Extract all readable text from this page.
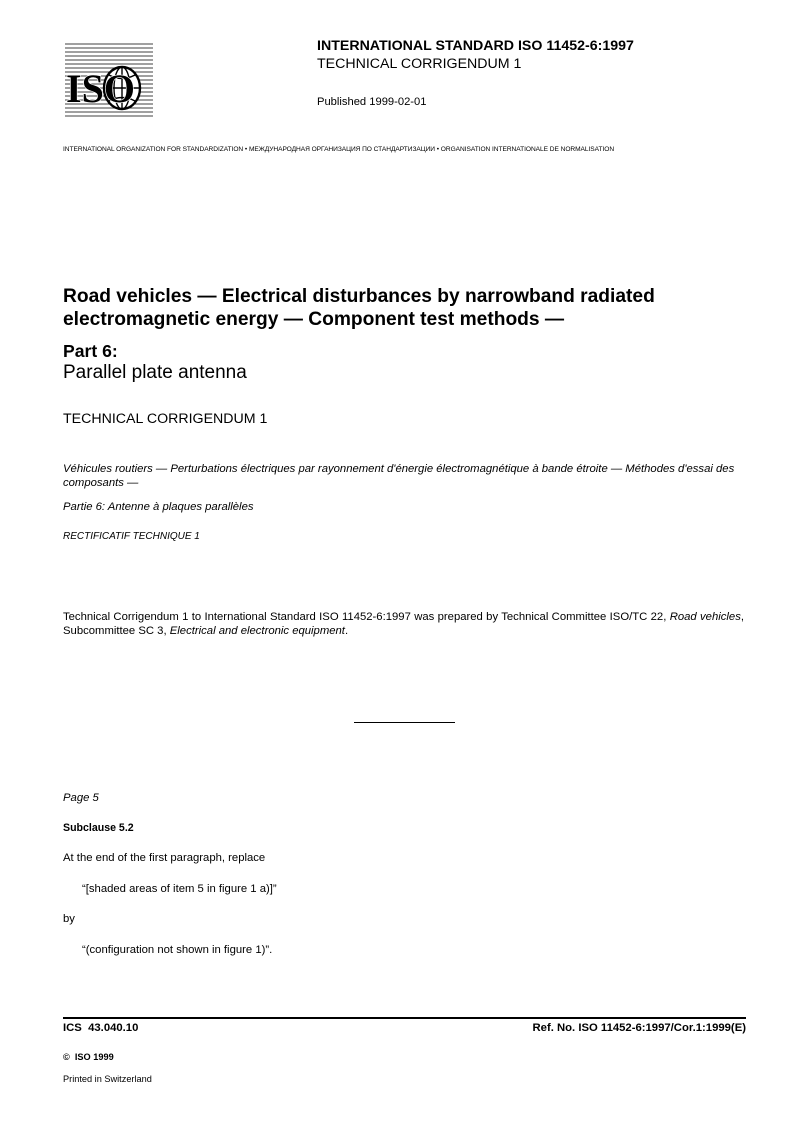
ISO
INTERNATIONAL STANDARD ISO 11452-6:1997
TECHNICAL CORRIGENDUM 1
Published 1999-02-01
INTERNATIONAL ORGANIZATION FOR STANDARDIZATION • МЕЖДУНАРОДНАЯ ОРГАНИЗАЦИЯ ПО СТАНДАРТИЗАЦИИ • ORGANISATION INTERNATIONALE DE NORMALISATION
Road vehicles — Electrical disturbances by narrowband radiated electromagnetic energy — Component test methods —
Part 6:
Parallel plate antenna
TECHNICAL CORRIGENDUM 1
Véhicules routiers — Perturbations électriques par rayonnement d'énergie électromagnétique à bande étroite — Méthodes d'essai des composants —
Partie 6: Antenne à plaques parallèles
RECTIFICATIF TECHNIQUE 1
Technical Corrigendum 1 to International Standard ISO 11452-6:1997 was prepared by Technical Committee ISO/TC 22, Road vehicles, Subcommittee SC 3, Electrical and electronic equipment.
Page 5
Subclause 5.2
At the end of the first paragraph, replace
“[shaded areas of item 5 in figure 1 a)]”
by
“(configuration not shown in figure 1)”.
ICS  43.040.10	Ref. No. ISO 11452-6:1997/Cor.1:1999(E)
©  ISO 1999
Printed in Switzerland
